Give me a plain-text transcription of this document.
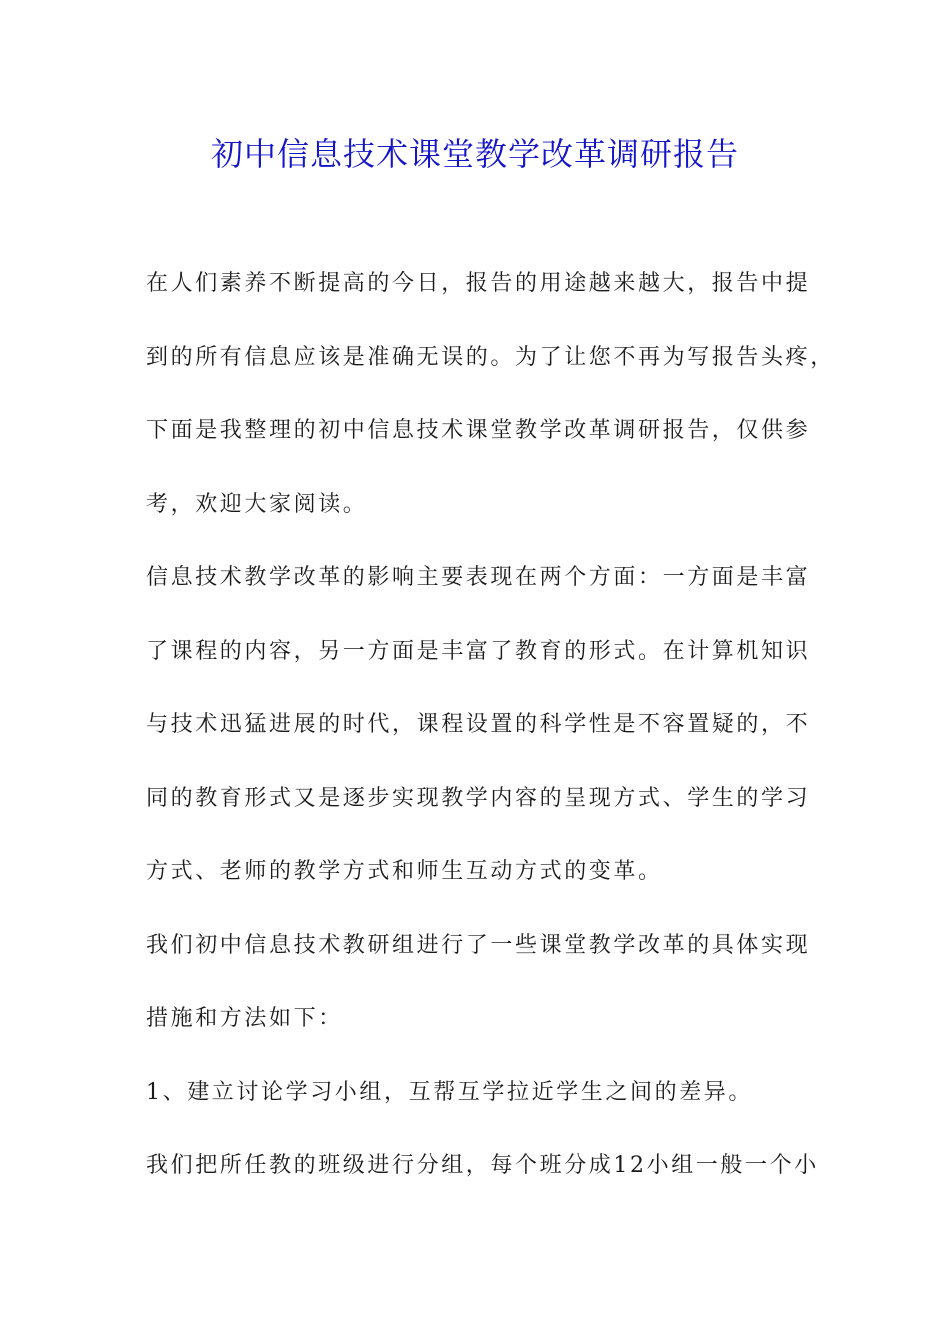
初中信息技术课堂教学改革调研报告
在人们素养不断提高的今日，报告的用途越来越大，报告中提
到的所有信息应该是准确无误的。为了让您不再为写报告头疼，
下面是我整理的初中信息技术课堂教学改革调研报告，仅供参
考，欢迎大家阅读。
信息技术教学改革的影响主要表现在两个方面：一方面是丰富
了课程的内容，另一方面是丰富了教育的形式。在计算机知识
与技术迅猛进展的时代，课程设置的科学性是不容置疑的，不
同的教育形式又是逐步实现教学内容的呈现方式、学生的学习
方式、老师的教学方式和师生互动方式的变革。
我们初中信息技术教研组进行了一些课堂教学改革的具体实现
措施和方法如下：
1、建立讨论学习小组，互帮互学拉近学生之间的差异。
我们把所任教的班级进行分组，每个班分成12小组一般一个小
